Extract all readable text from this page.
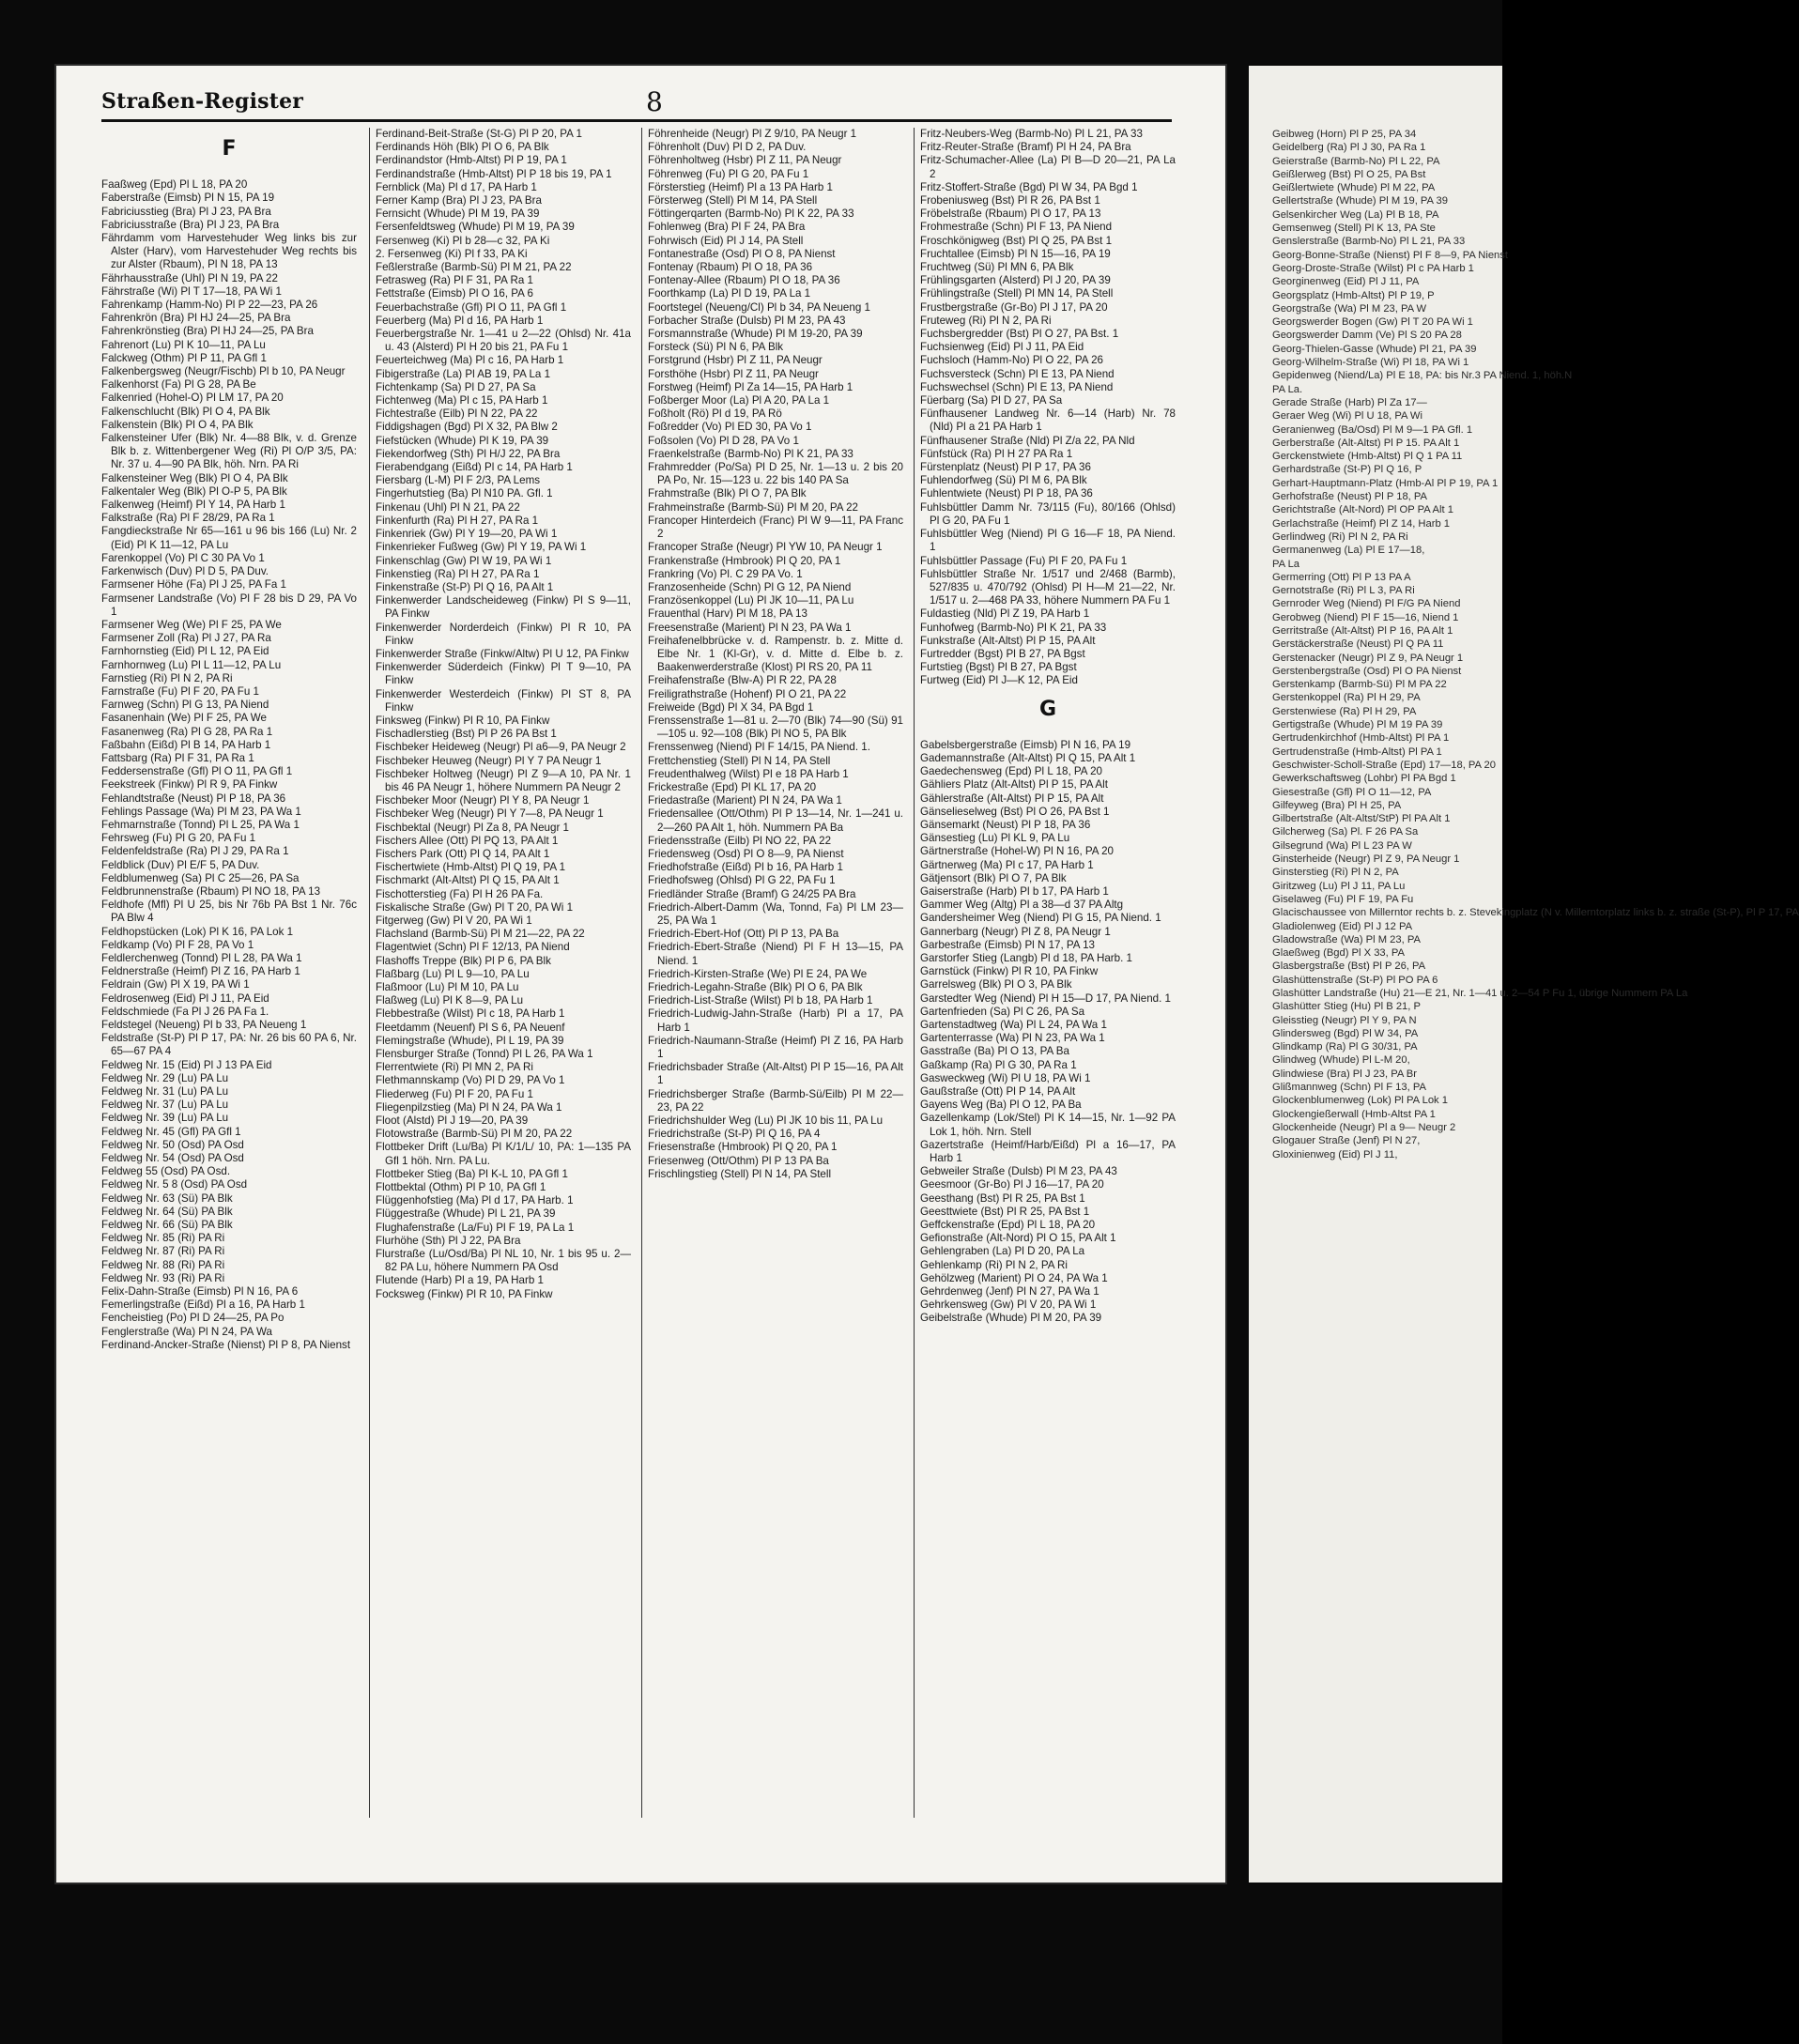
Straßen-Register	8
F
Faaßweg (Epd) Pl L 18, PA 20
Faberstraße (Eimsb) Pl N 15, PA 19
Fabriciusstieg (Bra) Pl J 23, PA Bra
Fabriciusstraße (Bra) Pl J 23, PA Bra
Fährdamm vom Harvestehuder Weg links bis zur Alster (Harv), vom Harvestehuder Weg rechts bis zur Alster (Rbaum), Pl N 18, PA 13
Fährhausstraße (Uhl) Pl N 19, PA 22
Fährstraße (Wi) Pl T 17—18, PA Wi 1
Fahrenkamp (Hamm-No) Pl P 22—23, PA 26
Fahrenkrön (Bra) Pl HJ 24—25, PA Bra
Fahrenkrönstieg (Bra) Pl HJ 24—25, PA Bra
Fahrenort (Lu) Pl K 10—11, PA Lu
Falckweg (Othm) Pl P 11, PA Gfl 1
Falkenbergsweg (Neugr/Fischb) Pl b 10, PA Neugr
Falkenhorst (Fa) Pl G 28, PA Be
Falkenried (Hohel-O) Pl LM 17, PA 20
Falkenschlucht (Blk) Pl O 4, PA Blk
Falkenstein (Blk) Pl O 4, PA Blk
Falkensteiner Ufer (Blk) Nr. 4—88 Blk, v. d. Grenze Blk b. z. Wittenbergener Weg (Ri) Pl O/P 3/5, PA: Nr. 37 u. 4—90 PA Blk, höh. Nrn. PA Ri
Falkensteiner Weg (Blk) Pl O 4, PA Blk
Falkentaler Weg (Blk) Pl O-P 5, PA Blk
Falkenweg (Heimf) Pl Y 14, PA Harb 1
Falkstraße (Ra) Pl F 28/29, PA Ra 1
Fangdieckstraße Nr 65—161 u 96 bis 166 (Lu) Nr. 2 (Eid) Pl K 11—12, PA Lu
Farenkoppel (Vo) Pl C 30 PA Vo 1
Farkenwisch (Duv) Pl D 5, PA Duv.
Farmsener Höhe (Fa) Pl J 25, PA Fa 1
Farmsener Landstraße (Vo) Pl F 28 bis D 29, PA Vo 1
Farmsener Weg (We) Pl F 25, PA We
Farmsener Zoll (Ra) Pl J 27, PA Ra
Farnhornstieg (Eid) Pl L 12, PA Eid
Farnhornweg (Lu) Pl L 11—12, PA Lu
Farnstieg (Ri) Pl N 2, PA Ri
Farnstraße (Fu) Pl F 20, PA Fu 1
Farnweg (Schn) Pl G 13, PA Niend
Fasanenhain (We) Pl F 25, PA We
Fasanenweg (Ra) Pl G 28, PA Ra 1
Faßbahn (Eißd) Pl B 14, PA Harb 1
Fattsbarg (Ra) Pl F 31, PA Ra 1
Feddersenstraße (Gfl) Pl O 11, PA Gfl 1
Feekstreek (Finkw) Pl R 9, PA Finkw
Fehlandtstraße (Neust) Pl P 18, PA 36
Fehlings Passage (Wa) Pl M 23, PA Wa 1
Fehmarnstraße (Tonnd) Pl L 25, PA Wa 1
Fehrsweg (Fu) Pl G 20, PA Fu 1
Feldenfeldstraße (Ra) Pl J 29, PA Ra 1
Feldblick (Duv) Pl E/F 5, PA Duv.
Feldblumenweg (Sa) Pl C 25—26, PA Sa
Feldbrunnenstraße (Rbaum) Pl NO 18, PA 13
Feldhofe (Mfl) Pl U 25, bis Nr 76b PA Bst 1 Nr. 76c PA Blw 4
Feldhopstücken (Lok) Pl K 16, PA Lok 1
Feldkamp (Vo) Pl F 28, PA Vo 1
Feldlerchenweg (Tonnd) Pl L 28, PA Wa 1
Feldnerstraße (Heimf) Pl Z 16, PA Harb 1
Feldrain (Gw) Pl X 19, PA Wi 1
Feldrosenweg (Eid) Pl J 11, PA Eid
Feldschmiede (Fa Pl J 26 PA Fa 1.
Feldstegel (Neueng) Pl b 33, PA Neueng 1
Feldstraße (St-P) Pl P 17, PA: Nr. 26 bis 60 PA 6, Nr. 65—67 PA 4
Feldweg Nr. 15 (Eid) Pl J 13 PA Eid
Feldweg Nr. 29 (Lu) PA Lu
Feldweg Nr. 31 (Lu) PA Lu
Feldweg Nr. 37 (Lu) PA Lu
Feldweg Nr. 39 (Lu) PA Lu
Feldweg Nr. 45 (Gfl) PA Gfl 1
Feldweg Nr. 50 (Osd) PA Osd
Feldweg Nr. 54 (Osd) PA Osd
Feldweg 55 (Osd) PA Osd.
Feldweg Nr. 5 8 (Osd) PA Osd
Feldweg Nr. 63 (Sü) PA Blk
Feldweg Nr. 64 (Sü) PA Blk
Feldweg Nr. 66 (Sü) PA Blk
Feldweg Nr. 85 (Ri) PA Ri
Feldweg Nr. 87 (Ri) PA Ri
Feldweg Nr. 88 (Ri) PA Ri
Feldweg Nr. 93 (Ri) PA Ri
Felix-Dahn-Straße (Eimsb) Pl N 16, PA 6
Femerlingstraße (Eißd) Pl a 16, PA Harb 1
Fencheistieg (Po) Pl D 24—25, PA Po
Fenglerstraße (Wa) Pl N 24, PA Wa
Ferdinand-Ancker-Straße (Nienst) Pl P 8, PA Nienst
Ferdinand-Beit-Straße (St-G) Pl P 20, PA 1
Ferdinands Höh (Blk) Pl O 6, PA Blk
Ferdinandstor (Hmb-Altst) Pl P 19, PA 1
Ferdinandstraße (Hmb-Altst) Pl P 18 bis 19, PA 1
Fernblick (Ma) Pl d 17, PA Harb 1
Ferner Kamp (Bra) Pl J 23, PA Bra
Fernsicht (Whude) Pl M 19, PA 39
Fersenfeldtsweg (Whude) Pl M 19, PA 39
Fersenweg (Ki) Pl b 28—c 32, PA Ki
2. Fersenweg (Ki) Pl f 33, PA Ki
Feßlerstraße (Barmb-Sü) Pl M 21, PA 22
Fetrasweg (Ra) Pl F 31, PA Ra 1
Fettstraße (Eimsb) Pl O 16, PA 6
Feuerbachstraße (Gfl) Pl O 11, PA Gfl 1
Feuerberg (Ma) Pl d 16, PA Harb 1
Feuerbergstraße Nr. 1—41 u 2—22 (Ohlsd) Nr. 41a u. 43 (Alsterd) Pl H 20 bis 21, PA Fu 1
Feuerteichweg (Ma) Pl c 16, PA Harb 1
Fibigerstraße (La) Pl AB 19, PA La 1
Fichtenkamp (Sa) Pl D 27, PA Sa
Fichtenweg (Ma) Pl c 15, PA Harb 1
Fichtestraße (Eilb) Pl N 22, PA 22
Fiddigshagen (Bgd) Pl X 32, PA Blw 2
Fiefstücken (Whude) Pl K 19, PA 39
Fiekendorfweg (Sth) Pl H/J 22, PA Bra
Fierabendgang (Eißd) Pl c 14, PA Harb 1
Fiersbarg (L-M) Pl F 2/3, PA Lems
Fingerhutstieg (Ba) Pl N10 PA. Gfl. 1
Finkenau (Uhl) Pl N 21, PA 22
Finkenfurth (Ra) Pl H 27, PA Ra 1
Finkenriek (Gw) Pl Y 19—20, PA Wi 1
Finkenrieker Fußweg (Gw) Pl Y 19, PA Wi 1
Finkenschlag (Gw) Pl W 19, PA Wi 1
Finkenstieg (Ra) Pl H 27, PA Ra 1
Finkenstraße (St-P) Pl Q 16, PA Alt 1
Finkenwerder Landscheideweg (Finkw) Pl S 9—11, PA Finkw
Finkenwerder Norderdeich (Finkw) Pl R 10, PA Finkw
Finkenwerder Straße (Finkw/Altw) Pl U 12, PA Finkw
Finkenwerder Süderdeich (Finkw) Pl T 9—10, PA Finkw
Finkenwerder Westerdeich (Finkw) Pl ST 8, PA Finkw
Finksweg (Finkw) Pl R 10, PA Finkw
Fischadlerstieg (Bst) Pl P 26 PA Bst 1
Fischbeker Heideweg (Neugr) Pl a6—9, PA Neugr 2
Fischbeker Heuweg (Neugr) Pl Y 7 PA Neugr 1
Fischbeker Holtweg (Neugr) Pl Z 9—A 10, PA Nr. 1 bis 46 PA Neugr 1, höhere Nummern PA Neugr 2
Fischbeker Moor (Neugr) Pl Y 8, PA Neugr 1
Fischbeker Weg (Neugr) Pl Y 7—8, PA Neugr 1
Fischbektal (Neugr) Pl Za 8, PA Neugr 1
Fischers Allee (Ott) Pl PQ 13, PA Alt 1
Fischers Park (Ott) Pl Q 14, PA Alt 1
Fischertwiete (Hmb-Altst) Pl Q 19, PA 1
Fischmarkt (Alt-Altst) Pl Q 15, PA Alt 1
Fischotterstieg (Fa) Pl H 26 PA Fa.
Fiskalische Straße (Gw) Pl T 20, PA Wi 1
Fitgerweg (Gw) Pl V 20, PA Wi 1
Flachsland (Barmb-Sü) Pl M 21—22, PA 22
Flagentwiet (Schn) Pl F 12/13, PA Niend
Flashoffs Treppe (Blk) Pl P 6, PA Blk
Flaßbarg (Lu) Pl L 9—10, PA Lu
Flaßmoor (Lu) Pl M 10, PA Lu
Flaßweg (Lu) Pl K 8—9, PA Lu
Flebbestraße (Wilst) Pl c 18, PA Harb 1
Fleetdamm (Neuenf) Pl S 6, PA Neuenf
Flemingstraße (Whude), Pl L 19, PA 39
Flensburger Straße (Tonnd) Pl L 26, PA Wa 1
Flerrentwiete (Ri) Pl MN 2, PA Ri
Flethmannskamp (Vo) Pl D 29, PA Vo 1
Fliederweg (Fu) Pl F 20, PA Fu 1
Fliegenpilzstieg (Ma) Pl N 24, PA Wa 1
Floot (Alstd) Pl J 19—20, PA 39
Flotowstraße (Barmb-Sü) Pl M 20, PA 22
Flottbeker Drift (Lu/Ba) Pl K/1/L/ 10, PA: 1—135 PA Gfl 1 höh. Nrn. PA Lu.
Flottbeker Stieg (Ba) Pl K-L 10, PA Gfl 1
Flottbektal (Othm) Pl P 10, PA Gfl 1
Flüggenhofstieg (Ma) Pl d 17, PA Harb. 1
Flüggestraße (Whude) Pl L 21, PA 39
Flughafenstraße (La/Fu) Pl F 19, PA La 1
Flurhöhe (Sth) Pl J 22, PA Bra
Flurstraße (Lu/Osd/Ba) Pl NL 10, Nr. 1 bis 95 u. 2—82 PA Lu, höhere Nummern PA Osd
Flutende (Harb) Pl a 19, PA Harb 1
Focksweg (Finkw) Pl R 10, PA Finkw
Föhrenheide (Neugr) Pl Z 9/10, PA Neugr 1
Föhrenholt (Duv) Pl D 2, PA Duv.
Föhrenholtweg (Hsbr) Pl Z 11, PA Neugr
Föhrenweg (Fu) Pl G 20, PA Fu 1
Försterstieg (Heimf) Pl a 13 PA Harb 1
Försterweg (Stell) Pl M 14, PA Stell
Föttingerqarten (Barmb-No) Pl K 22, PA 33
Fohlenweg (Bra) Pl F 24, PA Bra
Fohrwisch (Eid) Pl J 14, PA Stell
Fontanestraße (Osd) Pl O 8, PA Nienst
Fontenay (Rbaum) Pl O 18, PA 36
Fontenay-Allee (Rbaum) Pl O 18, PA 36
Foorthkamp (La) Pl D 19, PA La 1
Foortstegel (Neueng/Cl) Pl b 34, PA Neueng 1
Forbacher Straße (Dulsb) Pl M 23, PA 43
Forsmannstraße (Whude) Pl M 19-20, PA 39
Forsteck (Sü) Pl N 6, PA Blk
Forstgrund (Hsbr) Pl Z 11, PA Neugr
Forsthöhe (Hsbr) Pl Z 11, PA Neugr
Forstweg (Heimf) Pl Za 14—15, PA Harb 1
Foßberger Moor (La) Pl A 20, PA La 1
Foßholt (Rö) Pl d 19, PA Rö
Foßredder (Vo) Pl ED 30, PA Vo 1
Foßsolen (Vo) Pl D 28, PA Vo 1
Fraenkelstraße (Barmb-No) Pl K 21, PA 33
Frahmredder (Po/Sa) Pl D 25, Nr. 1—13 u. 2 bis 20 PA Po, Nr. 15—123 u. 22 bis 140 PA Sa
Frahmstraße (Blk) Pl O 7, PA Blk
Frahmeinstraße (Barmb-Sü) Pl M 20, PA 22
Francoper Hinterdeich (Franc) Pl W 9—11, PA Franc 2
Francoper Straße (Neugr) Pl YW 10, PA Neugr 1
Frankenstraße (Hmbrook) Pl Q 20, PA 1
Frankring (Vo) Pl. C 29 PA Vo. 1
Franzosenheide (Schn) Pl G 12, PA Niend
Französenkoppel (Lu) Pl JK 10—11, PA Lu
Frauenthal (Harv) Pl M 18, PA 13
Freesenstraße (Marient) Pl N 23, PA Wa 1
Freihafenelbbrücke v. d. Rampenstr. b. z. Mitte d. Elbe Nr. 1 (Kl-Gr), v. d. Mitte d. Elbe b. z. Baakenwerderstraße (Klost) Pl RS 20, PA 11
Freihafenstraße (Blw-A) Pl R 22, PA 28
Freiligrathstraße (Hohenf) Pl O 21, PA 22
Freiweide (Bgd) Pl X 34, PA Bgd 1
Frenssenstraße 1—81 u. 2—70 (Blk) 74—90 (Sü) 91—105 u. 92—108 (Blk) Pl NO 5, PA Blk
Frenssenweg (Niend) Pl F 14/15, PA Niend. 1.
Frettchenstieg (Stell) Pl N 14, PA Stell
Freudenthalweg (Wilst) Pl e 18 PA Harb 1
Frickestraße (Epd) Pl KL 17, PA 20
Friedastraße (Marient) Pl N 24, PA Wa 1
Friedensallee (Ott/Othm) Pl P 13—14, Nr. 1—241 u. 2—260 PA Alt 1, höh. Nummern PA Ba
Friedensstraße (Eilb) Pl NO 22, PA 22
Friedensweg (Osd) Pl O 8—9, PA Nienst
Friedhofstraße (Eißd) Pl b 16, PA Harb 1
Friedhofsweg (Ohlsd) Pl G 22, PA Fu 1
Friedländer Straße (Bramf) G 24/25 PA Bra
Friedrich-Albert-Damm (Wa, Tonnd, Fa) Pl LM 23—25, PA Wa 1
Friedrich-Ebert-Hof (Ott) Pl P 13, PA Ba
Friedrich-Ebert-Straße (Niend) Pl F H 13—15, PA Niend. 1
Friedrich-Kirsten-Straße (We) Pl E 24, PA We
Friedrich-Legahn-Straße (Blk) Pl O 6, PA Blk
Friedrich-List-Straße (Wilst) Pl b 18, PA Harb 1
Friedrich-Ludwig-Jahn-Straße (Harb) Pl a 17, PA Harb 1
Friedrich-Naumann-Straße (Heimf) Pl Z 16, PA Harb 1
Friedrichsbader Straße (Alt-Altst) Pl P 15—16, PA Alt 1
Friedrichsberger Straße (Barmb-Sü/Eilb) Pl M 22—23, PA 22
Friedrichshulder Weg (Lu) Pl JK 10 bis 11, PA Lu
Friedrichstraße (St-P) Pl Q 16, PA 4
Friesenstraße (Hmbrook) Pl Q 20, PA 1
Friesenweg (Ott/Othm) Pl P 13 PA Ba
Frischlingstieg (Stell) Pl N 14, PA Stell
Fritz-Neubers-Weg (Barmb-No) Pl L 21, PA 33
Fritz-Reuter-Straße (Bramf) Pl H 24, PA Bra
Fritz-Schumacher-Allee (La) Pl B—D 20—21, PA La 2
Fritz-Stoffert-Straße (Bgd) Pl W 34, PA Bgd 1
Frobeniusweg (Bst) Pl R 26, PA Bst 1
Fröbelstraße (Rbaum) Pl O 17, PA 13
Frohmestraße (Schn) Pl F 13, PA Niend
Froschkönigweg (Bst) Pl Q 25, PA Bst 1
Fruchtallee (Eimsb) Pl N 15—16, PA 19
Fruchtweg (Sü) Pl MN 6, PA Blk
Frühlingsgarten (Alsterd) Pl J 20, PA 39
Frühlingstraße (Stell) Pl MN 14, PA Stell
Frustbergstraße (Gr-Bo) Pl J 17, PA 20
Fruteweg (Ri) Pl N 2, PA Ri
Fuchsbergredder (Bst) Pl O 27, PA Bst. 1
Fuchsienweg (Eid) Pl J 11, PA Eid
Fuchsloch (Hamm-No) Pl O 22, PA 26
Fuchsversteck (Schn) Pl E 13, PA Niend
Fuchswechsel (Schn) Pl E 13, PA Niend
Füerbarg (Sa) Pl D 27, PA Sa
Fünfhausener Landweg Nr. 6—14 (Harb) Nr. 78 (Nld) Pl a 21 PA Harb 1
Fünfhausener Straße (Nld) Pl Z/a 22, PA Nld
Fünfstück (Ra) Pl H 27 PA Ra 1
Fürstenplatz (Neust) Pl P 17, PA 36
Fuhlendorfweg (Sü) Pl M 6, PA Blk
Fuhlentwiete (Neust) Pl P 18, PA 36
Fuhlsbüttler Damm Nr. 73/115 (Fu), 80/166 (Ohlsd) Pl G 20, PA Fu 1
Fuhlsbüttler Weg (Niend) Pl G 16—F 18, PA Niend. 1
Fuhlsbüttler Passage (Fu) Pl F 20, PA Fu 1
Fuhlsbüttler Straße Nr. 1/517 und 2/468 (Barmb), 527/835 u. 470/792 (Ohlsd) Pl H—M 21—22, Nr. 1/517 u. 2—468 PA 33, höhere Nummern PA Fu 1
Fuldastieg (Nld) Pl Z 19, PA Harb 1
Funhofweg (Barmb-No) Pl K 21, PA 33
Funkstraße (Alt-Altst) Pl P 15, PA Alt
Furtredder (Bgst) Pl B 27, PA Bgst
Furtstieg (Bgst) Pl B 27, PA Bgst
Furtweg (Eid) Pl J—K 12, PA Eid
G
Gabelsbergerstraße (Eimsb) Pl N 16, PA 19
Gademannstraße (Alt-Altst) Pl Q 15, PA Alt 1
Gaedechensweg (Epd) Pl L 18, PA 20
Gähliers Platz (Alt-Altst) Pl P 15, PA Alt
Gählerstraße (Alt-Altst) Pl P 15, PA Alt
Gänselieselweg (Bst) Pl O 26, PA Bst 1
Gänsemarkt (Neust) Pl P 18, PA 36
Gänsestieg (Lu) Pl KL 9, PA Lu
Gärtnerstraße (Hohel-W) Pl N 16, PA 20
Gärtnerweg (Ma) Pl c 17, PA Harb 1
Gätjensort (Blk) Pl O 7, PA Blk
Gaiserstraße (Harb) Pl b 17, PA Harb 1
Gammer Weg (Altg) Pl a 38—d 37 PA Altg
Gandersheimer Weg (Niend) Pl G 15, PA Niend. 1
Gannerbarg (Neugr) Pl Z 8, PA Neugr 1
Garbestraße (Eimsb) Pl N 17, PA 13
Garstorfer Stieg (Langb) Pl d 18, PA Harb. 1
Garnstück (Finkw) Pl R 10, PA Finkw
Garrelsweg (Blk) Pl O 3, PA Blk
Garstedter Weg (Niend) Pl H 15—D 17, PA Niend. 1
Gartenfrieden (Sa) Pl C 26, PA Sa
Gartenstadtweg (Wa) Pl L 24, PA Wa 1
Gartenterrasse (Wa) Pl N 23, PA Wa 1
Gasstraße (Ba) Pl O 13, PA Ba
Gaßkamp (Ra) Pl G 30, PA Ra 1
Gasweckweg (Wi) Pl U 18, PA Wi 1
Gaußstraße (Ott) Pl P 14, PA Alt
Gayens Weg (Ba) Pl O 12, PA Ba
Gazellenkamp (Lok/Stel) Pl K 14—15, Nr. 1—92 PA Lok 1, höh. Nrn. Stell
Gazertstraße (Heimf/Harb/Eißd) Pl a 16—17, PA Harb 1
Gebweiler Straße (Dulsb) Pl M 23, PA 43
Geesmoor (Gr-Bo) Pl J 16—17, PA 20
Geesthang (Bst) Pl R 25, PA Bst 1
Geesttwiete (Bst) Pl R 25, PA Bst 1
Geffckenstraße (Epd) Pl L 18, PA 20
Gefionstraße (Alt-Nord) Pl O 15, PA Alt 1
Gehlengraben (La) Pl D 20, PA La
Gehlenkamp (Ri) Pl N 2, PA Ri
Gehölzweg (Marient) Pl O 24, PA Wa 1
Gehrdenweg (Jenf) Pl N 27, PA Wa 1
Gehrkensweg (Gw) Pl V 20, PA Wi 1
Geibelstraße (Whude) Pl M 20, PA 39
Geibweg (Horn) Pl P 25, PA 34
Geidelberg (Ra) Pl J 30, PA Ra 1
Geierstraße (Barmb-No) Pl L 22, PA
Geißlerweg (Bst) Pl O 25, PA Bst
Geißlertwiete (Whude) Pl M 22, PA
Gellertstraße (Whude) Pl M 19, PA 39
Gelsenkircher Weg (La) Pl B 18, PA
Gemsenweg (Stell) Pl K 13, PA Ste
Genslerstraße (Barmb-No) Pl L 21, PA 33
Georg-Bonne-Straße (Nienst) Pl F 8—9, PA Nienst
Georg-Droste-Straße (Wilst) Pl c PA Harb 1
Georginenweg (Eid) Pl J 11, PA
Georgsplatz (Hmb-Altst) Pl P 19, P
Georgstraße (Wa) Pl M 23, PA W
Georgswerder Bogen (Gw) Pl T 20 PA Wi 1
Georgswerder Damm (Ve) Pl S 20 PA 28
Georg-Thielen-Gasse (Whude) Pl 21, PA 39
Georg-Wilhelm-Straße (Wi) Pl 18, PA Wi 1
Gepidenweg (Niend/La) Pl E 18, PA: bis Nr.3 PA Niend. 1, höh.N
PA La.
Gerade Straße (Harb) Pl Za 17—
Geraer Weg (Wi) Pl U 18, PA Wi
Geranienweg (Ba/Osd) Pl M 9—1 PA Gfl. 1
Gerberstraße (Alt-Altst) Pl P 15. PA Alt 1
Gerckenstwiete (Hmb-Altst) Pl Q 1 PA 11
Gerhardstraße (St-P) Pl Q 16, P
Gerhart-Hauptmann-Platz (Hmb-Al Pl P 19, PA 1
Gerhofstraße (Neust) Pl P 18, PA
Gerichtstraße (Alt-Nord) Pl OP PA Alt 1
Gerlachstraße (Heimf) Pl Z 14, Harb 1
Gerlindweg (Ri) Pl N 2, PA Ri
Germanenweg (La) Pl E 17—18,
PA La
Germerring (Ott) Pl P 13 PA A
Gernotstraße (Ri) Pl L 3, PA Ri
Gernroder Weg (Niend) Pl F/G PA Niend
Gerobweg (Niend) Pl F 15—16, Niend 1
Gerritstraße (Alt-Altst) Pl P 16, PA Alt 1
Gerstäckerstraße (Neust) Pl Q PA 11
Gerstenacker (Neugr) Pl Z 9, PA Neugr 1
Gerstenbergstraße (Osd) Pl O PA Nienst
Gerstenkamp (Barmb-Sü) Pl M PA 22
Gerstenkoppel (Ra) Pl H 29, PA
Gerstenwiese (Ra) Pl H 29, PA
Gertigstraße (Whude) Pl M 19 PA 39
Gertrudenkirchhof (Hmb-Altst) Pl PA 1
Gertrudenstraße (Hmb-Altst) Pl PA 1
Geschwister-Scholl-Straße (Epd) 17—18, PA 20
Gewerkschaftsweg (Lohbr) Pl PA Bgd 1
Giesestraße (Gfl) Pl O 11—12, PA
Gilfeyweg (Bra) Pl H 25, PA
Gilbertstraße (Alt-Altst/StP) Pl PA Alt 1
Gilcherweg (Sa) Pl. F 26 PA Sa
Gilsegrund (Wa) Pl L 23 PA W
Ginsterheide (Neugr) Pl Z 9, PA Neugr 1
Ginsterstieg (Ri) Pl N 2, PA
Giritzweg (Lu) Pl J 11, PA Lu
Giselaweg (Fu) Pl F 19, PA Fu
Glacischaussee von Millerntor rechts b. z. Stevekingplatz (N v. Millerntorplatz links b. z. straße (St-P), Pl P 17, PA
Gladiolenweg (Eid) Pl J 12 PA
Gladowstraße (Wa) Pl M 23, PA
Glaeßweg (Bgd) Pl X 33, PA
Glasbergstraße (Bst) Pl P 26, PA
Glashüttenstraße (St-P) Pl PO PA 6
Glashütter Landstraße (Hu) 21—E 21, Nr. 1—41 u. 2—54 P Fu 1, übrige Nummern PA La
Glashütter Stieg (Hu) Pl B 21, P
Gleisstieg (Neugr) Pl Y 9, PA N
Glindersweg (Bgd) Pl W 34, PA
Glindkamp (Ra) Pl G 30/31, PA
Glindweg (Whude) Pl L-M 20,
Glindwiese (Bra) Pl J 23, PA Br
Glißmannweg (Schn) Pl F 13, PA
Glockenblumenweg (Lok) Pl PA Lok 1
Glockengießerwall (Hmb-Altst PA 1
Glockenheide (Neugr) Pl a 9— Neugr 2
Glogauer Straße (Jenf) Pl N 27,
Gloxinienweg (Eid) Pl J 11,
